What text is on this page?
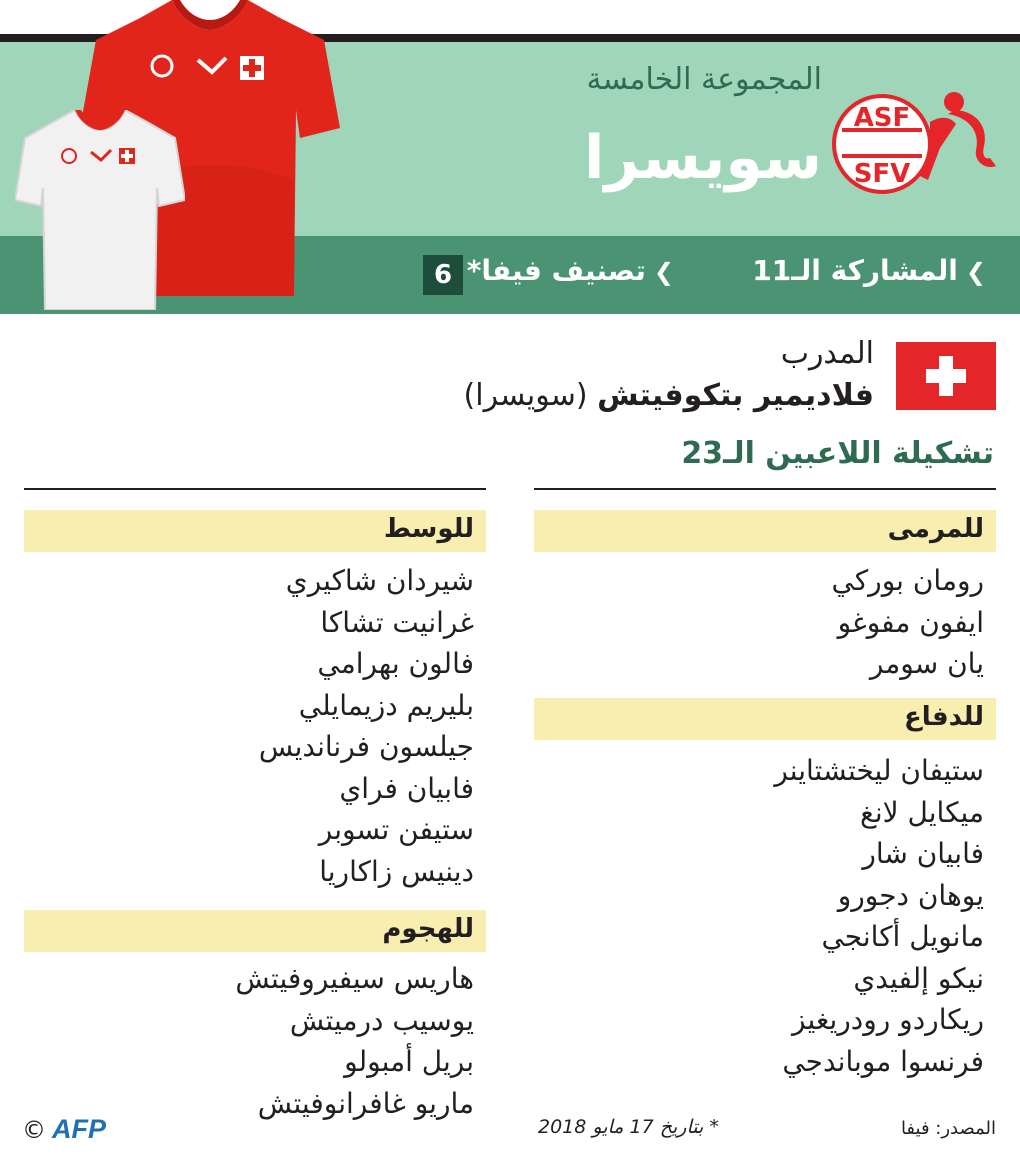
المجموعة الخامسة
سويسرا
ASF
SFV
❯المشاركة الـ11
❯تصنيف فيفا*
6
المدرب
فلاديمير بتكوفيتش (سويسرا)
تشكيلة اللاعبين الـ23
للمرمى
رومان بوركي
ايفون مفوغو
يان سومر
للدفاع
ستيفان ليختشتاينر
ميكايل لانغ
فابيان شار
يوهان دجورو
مانويل أكانجي
نيكو إلفيدي
ريكاردو رودريغيز
فرنسوا موباندجي
للوسط
شيردان شاكيري
غرانيت تشاكا
فالون بهرامي
بليريم دزيمايلي
جيلسون فرنانديس
فابيان فراي
ستيفن تسوبر
دينيس زاكاريا
للهجوم
هاريس سيفيروفيتش
يوسيب درميتش
بريل أمبولو
ماريو غافرانوفيتش
المصدر: فيفا
* بتاريخ 17 مايو 2018
© AFP
